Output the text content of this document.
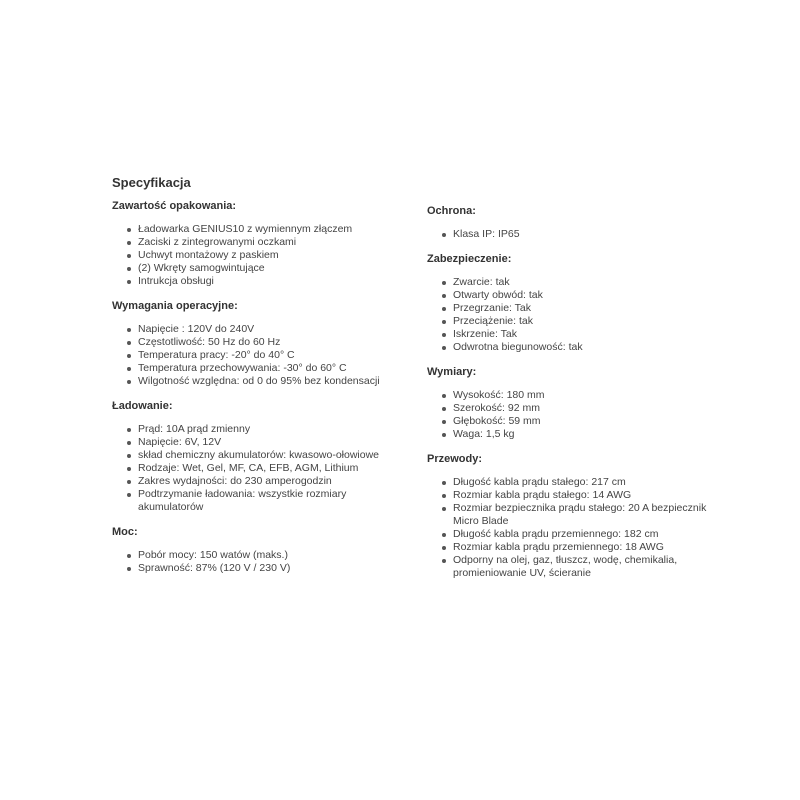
Specyfikacja
Zawartość opakowania:
Ładowarka GENIUS10 z wymiennym złączem
Zaciski z zintegrowanymi oczkami
Uchwyt montażowy z paskiem
(2) Wkręty samogwintujące
Intrukcja obsługi
Wymagania operacyjne:
Napięcie : 120V do 240V
Częstotliwość: 50 Hz do 60 Hz
Temperatura pracy: -20° do 40° C
Temperatura przechowywania: -30° do 60° C
Wilgotność względna: od 0 do 95% bez kondensacji
Ładowanie:
Prąd: 10A prąd zmienny
Napięcie: 6V, 12V
skład chemiczny akumulatorów: kwasowo-ołowiowe
Rodzaje: Wet, Gel, MF, CA, EFB, AGM, Lithium
Zakres wydajności: do 230 amperogodzin
Podtrzymanie ładowania: wszystkie rozmiary akumulatorów
Moc:
Pobór mocy: 150 watów (maks.)
Sprawność: 87% (120 V / 230 V)
Ochrona:
Klasa IP: IP65
Zabezpieczenie:
Zwarcie: tak
Otwarty obwód: tak
Przegrzanie: Tak
Przeciążenie: tak
Iskrzenie: Tak
Odwrotna biegunowość: tak
Wymiary:
Wysokość: 180 mm
Szerokość: 92 mm
Głębokość: 59 mm
Waga: 1,5 kg
Przewody:
Długość kabla prądu stałego: 217 cm
Rozmiar kabla prądu stałego: 14 AWG
Rozmiar bezpiecznika prądu stałego: 20 A bezpiecznik Micro Blade
Długość kabla prądu przemiennego: 182 cm
Rozmiar kabla prądu przemiennego: 18 AWG
Odporny na olej, gaz, tłuszcz, wodę, chemikalia, promieniowanie UV, ścieranie
